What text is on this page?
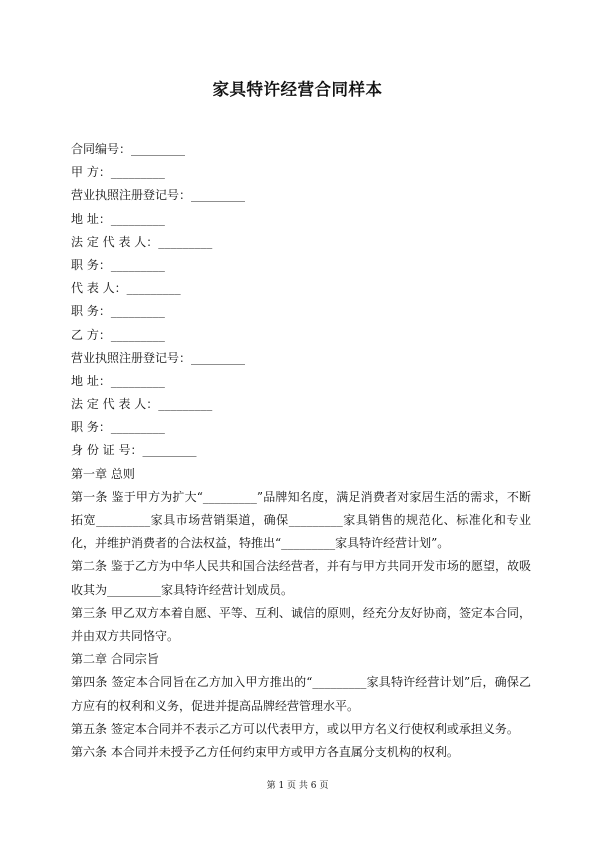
家具特许经营合同样本
合同编号：_________
甲 方：_________
营业执照注册登记号：_________
地 址：_________
法 定 代 表 人：_________
职 务：_________
代 表 人：_________
职 务：_________
乙 方：_________
营业执照注册登记号：_________
地 址：_________
法 定 代 表 人：_________
职 务：_________
身 份 证 号：_________
第一章 总则
第一条 鉴于甲方为扩大“_________”品牌知名度，满足消费者对家居生活的需求，不断拓宽_________家具市场营销渠道，确保_________家具销售的规范化、标准化和专业化，并维护消费者的合法权益，特推出“_________家具特许经营计划”。
第二条 鉴于乙方为中华人民共和国合法经营者，并有与甲方共同开发市场的愿望，故吸收其为_________家具特许经营计划成员。
第三条 甲乙双方本着自愿、平等、互利、诚信的原则，经充分友好协商，签定本合同，并由双方共同恪守。
第二章 合同宗旨
第四条 签定本合同旨在乙方加入甲方推出的“_________家具特许经营计划”后，确保乙方应有的权利和义务，促进并提高品牌经营管理水平。
第五条 签定本合同并不表示乙方可以代表甲方，或以甲方名义行使权利或承担义务。
第六条 本合同并未授予乙方任何约束甲方或甲方各直属分支机构的权利。
第 1 页 共 6 页
